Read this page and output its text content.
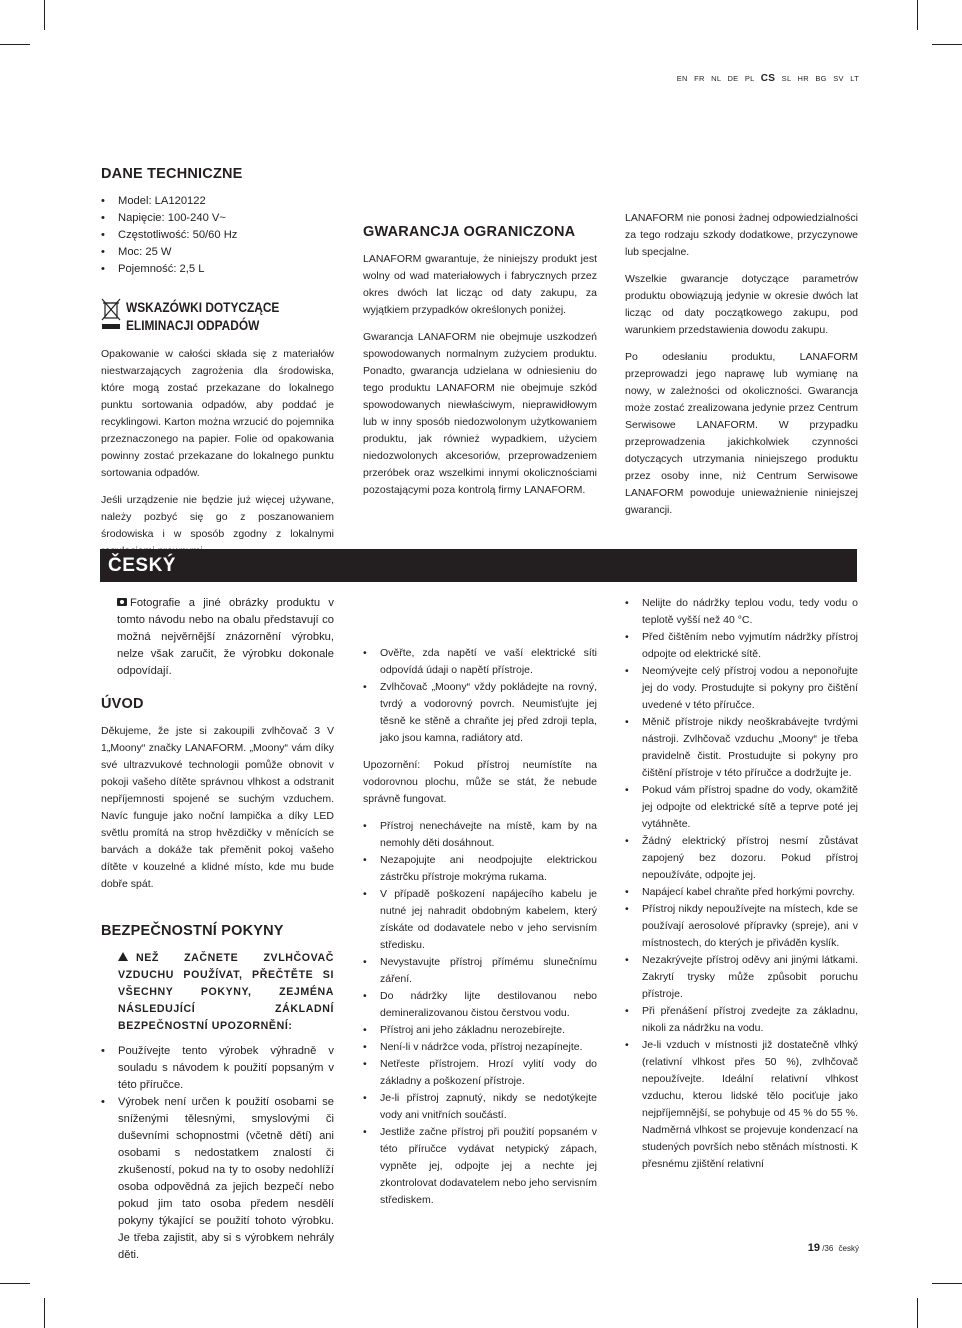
EN FR NL DE PL CS SL HR BG SV LT
DANE TECHNICZNE
• Model: LA120122
• Napięcie: 100-240 V~
• Częstotliwość: 50/60 Hz
• Moc: 25 W
• Pojemność: 2,5 L
WSKAZÓWKI DOTYCZĄCE
ELIMINACJI ODPADÓW

Opakowanie w całości składa się z materiałów niestwarzających zagrożenia dla środowiska, które mogą zostać przekazane do lokalnego punktu sortowania odpadów, aby poddać je recyklingowi. Karton można wrzucić do pojemnika przeznaczonego na papier. Folie od opakowania powinny zostać przekazane do lokalnego punktu sortowania odpadów.

Jeśli urządzenie nie będzie już więcej używane, należy pozbyć się go z poszanowaniem środowiska i w sposób zgodny z lokalnymi

GWARANCJA OGRANICZONA

LANAFORM gwarantuje, że niniejszy produkt jest wolny od wad materiałowych i fabrycznych przez okres dwóch lat licząc od daty zakupu, za wyjątkiem przypadków określonych poniżej.

Gwarancja LANAFORM nie obejmuje uszkodzeń spowodowanych normalnym zużyciem produktu. Ponadto, gwarancja udzielana w odniesieniu do tego produktu LANAFORM nie obejmuje szkód spowodowanych niewłaściwym, nieprawidłowym lub w inny sposób niedozwolonym użytkowaniem produktu, jak również wypadkiem, użyciem niedozwolonych akcesoriów, przeprowadzeniem przeróbek oraz wszelkimi innymi okolicznościami pozostającymi poza kontrolą firmy LANAFORM.

LANAFORM nie ponosi żadnej odpowiedzialności za tego rodzaju szkody dodatkowe, przyczynowe lub specjalne.

Wszelkie gwarancje dotyczące parametrów produktu obowiązują jedynie w okresie dwóch lat licząc od daty początkowego zakupu, pod warunkiem przedstawienia dowodu zakupu.

Po odesłaniu produktu, LANAFORM przeprowadzi jego naprawę lub wymianę na nowy, w zależności od okoliczności. Gwarancja może zostać zrealizowana jedynie przez Centrum Serwisowe LANAFORM. W przypadku przeprowadzenia jakichkolwiek czynności dotyczących utrzymania niniejszego produktu przez osoby inne, niż Centrum Serwisowe LANAFORM powoduje unieważnienie niniejszej gwarancji.

ČESKÝ

Fotografie a jiné obrázky produktu v tomto návodu nebo na obalu představují co možná nejvěrnější znázornění výrobku, nelze však zaručit, že výrobku dokonale odpovídají.

ÚVOD

Děkujeme, že jste si zakoupili zvlhčovač 3 V 1„Moony“ značky LANAFORM. „Moony“ vám díky své ultrazvukové technologii pomůže obnovit v pokoji vašeho dítěte správnou vlhkost a odstranit nepříjemnosti spojené se suchým vzduchem. Navíc funguje jako noční lampička a díky LED světlu promítá na strop hvězdičky v měnících se barvách a dokáže tak přeměnit pokoj vašeho dítěte v kouzelné a klidné místo, kde mu bude dobře spát.

BEZPEČNOSTNÍ POKYNY
NEŽ ZAČNETE ZVLHČOVAČ VZDUCHU POUŽÍVAT, PŘEČTĚTE SI VŠECHNY POKYNY, ZEJMÉNA NÁSLEDUJÍCÍ ZÁKLADNÍ BEZPEČNOSTNÍ UPOZORNĚNÍ:
• Používejte tento výrobek výhradně v souladu s návodem k použití popsaným v této příručce.
• Výrobek není určen k použití osobami se sníženými tělesnými, smyslovými či duševními schopnostmi (včetně dětí) ani osobami s nedostatkem znalostí či zkušeností, pokud na ty to osoby nedohlíží osoba odpovědná za jejich bezpečí nebo pokud jim tato osoba předem nesdělí pokyny týkající se použití tohoto výrobku. Je třeba zajistit, aby si s výrobkem nehrály děti.
• Ověřte, zda napětí ve vaší elektrické síti odpovídá údaji o napětí přístroje.
• Zvlhčovač „Moony“ vždy pokládejte na rovný, tvrdý a vodorovný povrch. Neumisťujte jej těsně ke stěně a chraňte jej před zdroji tepla, jako jsou kamna, radiátory atd.

Upozornění: Pokud přístroj neumístíte na vodorovnou plochu, může se stát, že nebude správně fungovat.

• Přístroj nenechávejte na místě, kam by na nemohly děti dosáhnout.
• Nezapojujte ani neodpojujte elektrickou zástrčku přístroje mokrýma rukama.
• V případě poškození napájecího kabelu je nutné jej nahradit obdobným kabelem, který získáte od dodavatele nebo v jeho servisním středisku.
• Nevystavujte přístroj přímému slunečnímu záření.
• Do nádržky lijte destilovanou nebo demineralizovanou čistou čerstvou vodu.
• Přístroj ani jeho základnu nerozebírejte.
• Není-li v nádržce voda, přístroj nezapínejte.
• Netřeste přístrojem. Hrozí vylití vody do základny a poškození přístroje.
• Je-li přístroj zapnutý, nikdy se nedotýkejte vody ani vnitřních součástí.
• Jestliže začne přístroj při použití popsaném v této příručce vydávat netypický zápach, vypněte jej, odpojte jej a nechte jej zkontrolovat dodavatelem nebo jeho servisním střediskem.
• Nelijte do nádržky teplou vodu, tedy vodu o teplotě vyšší než 40 °C.
• Před čištěním nebo vyjmutím nádržky přístroj odpojte od elektrické sítě.
• Neomývejte celý přístroj vodou a neponořujte jej do vody. Prostudujte si pokyny pro čištění uvedené v této příručce.
• Měnič přístroje nikdy neoškrabávejte tvrdými nástroji. Zvlhčovač vzduchu „Moony“ je třeba pravidelně čistit. Prostudujte si pokyny pro čištění přístroje v této příručce a dodržujte je.
• Pokud vám přístroj spadne do vody, okamžitě jej odpojte od elektrické sítě a teprve poté jej vytáhněte.
• Žádný elektrický přístroj nesmí zůstávat zapojený bez dozoru. Pokud přístroj nepoužíváte, odpojte jej.
• Napájecí kabel chraňte před horkými povrchy.
• Přístroj nikdy nepoužívejte na místech, kde se používají aerosolové přípravky (spreje), ani v místnostech, do kterých je přiváděn kyslík.
• Nezakrývejte přístroj oděvy ani jinými látkami. Zakrytí trysky může způsobit poruchu přístroje.
• Při přenášení přístroj zvedejte za základnu, nikoli za nádržku na vodu.
• Je-li vzduch v místnosti již dostatečně vlhký (relativní vlhkost přes 50 %), zvlhčovač nepoužívejte. Ideální relativní vlhkost vzduchu, kterou lidské tělo pociťuje jako nejpříjemnější, se pohybuje od 45 % do 55 %. Nadměrná vlhkost se projevuje kondenzací na studených površích nebo stěnách místnosti. K přesnému zjištění relativní
19 /36 český
